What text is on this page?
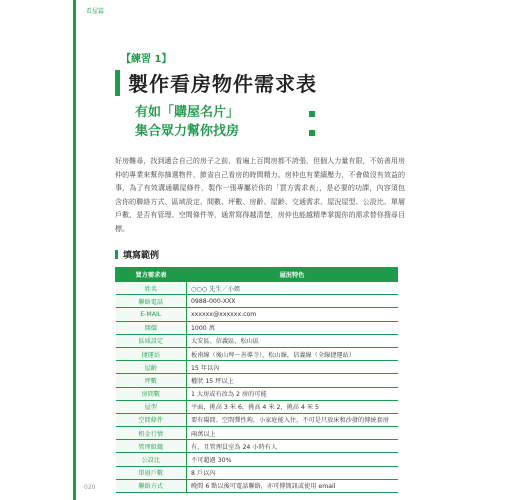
看屋篇
020
【練習 1】
製作看房物件需求表
有如「購屋名片」
集合眾力幫你找房
好房難尋，找到適合自己的房子之前，看遍上百間房都不誇張，但個人力量有限，不妨善用房仲的專業來幫你篩選物件，節省自己看房的時間精力。房仲也有業績壓力，不會做沒有效益的事，為了有效溝通購屋條件，製作一張專屬於你的「買方需求表」，是必要的功課，內容須包含你的聯絡方式、區域設定、間數、坪數、房齡、屋齡、交通需求、屋況屋型、公設比、單層戶數、是否有管理、空間條件等，通常寫得越清楚，房仲也能越精準掌握你的需求替你搜尋目標。
填寫範例
買方需求表	屋況特色
姓名	○○○ 先生／小姐
聯絡電話	0988-000-XXX
E-MAIL	xxxxxx@xxxxxx.com
開價	1000 萬
區域設定	大安區、信義區、松山區
捷運站	板南線（後山埤～善導寺）、松山線，信義線（全線捷運站）
屋齡	15 年以內
坪數	權狀 15 坪以上
房間數	1 大房或有改為 2 房的可能
屋型	平面，挑高 3 米 6，挑高 4 米 2，挑高 4 米 5
空間條件	要有陽間、空間彈性夠，小家庭能入住，不可是只放床和沙發的傳統套房
租金行情	兩萬以上
管理組織	有，且管理員室為 24 小時有人
公設比	不可超過 30%
單層戶數	8 戶以內
聯絡方式	晚間 6 點以後可電話聯絡，亦可傳簡訊或使用 email
